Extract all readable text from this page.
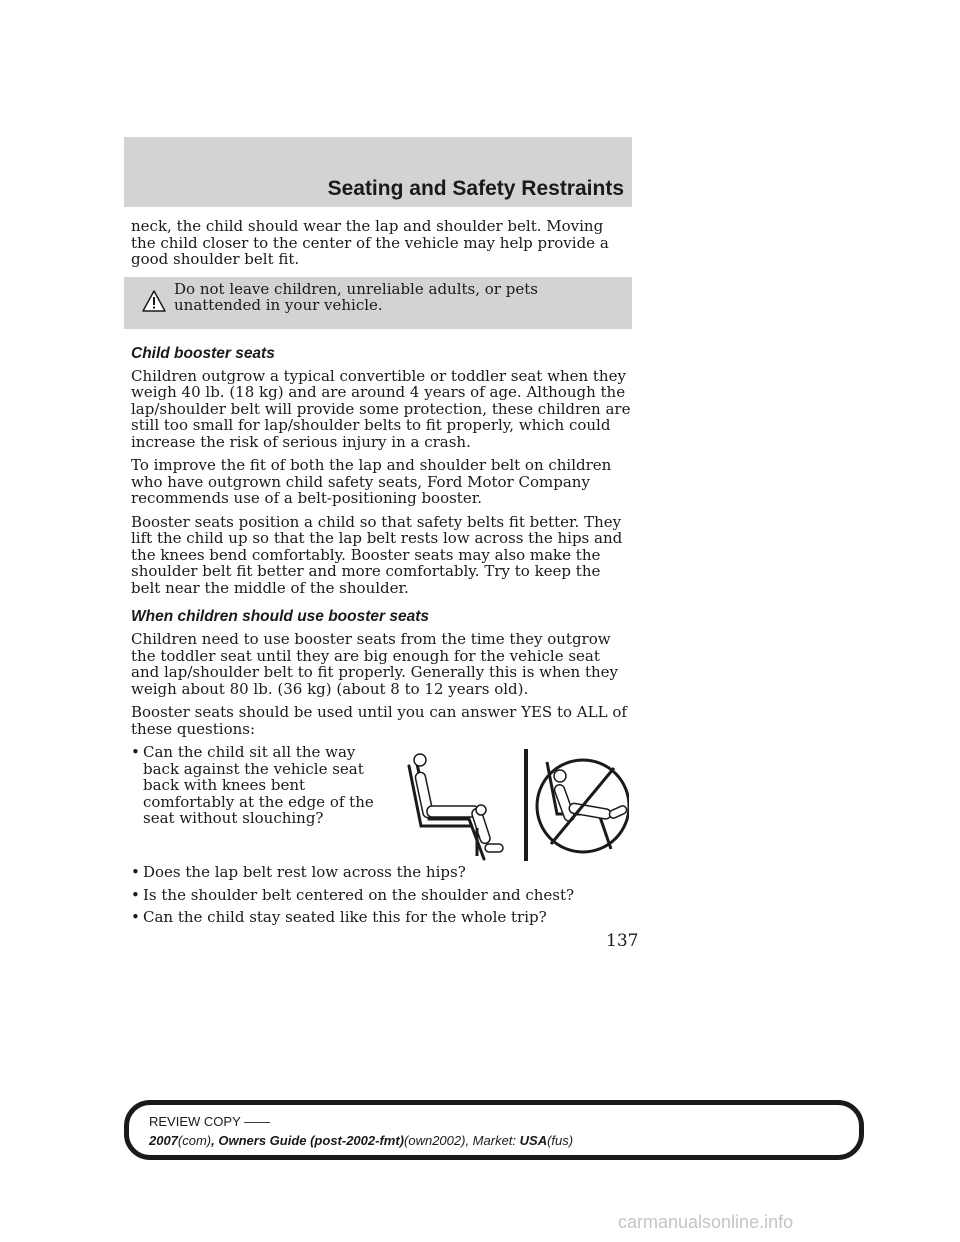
Seating and Safety Restraints

neck, the child should wear the lap and shoulder belt. Moving the child closer to the center of the vehicle may help provide a good shoulder belt fit.

Do not leave children, unreliable adults, or pets unattended in your vehicle.
Child booster seats

Children outgrow a typical convertible or toddler seat when they weigh 40 lb. (18 kg) and are around 4 years of age. Although the lap/shoulder belt will provide some protection, these children are still too small for lap/shoulder belts to fit properly, which could increase the risk of serious injury in a crash.

To improve the fit of both the lap and shoulder belt on children who have outgrown child safety seats, Ford Motor Company recommends use of a belt-positioning booster.

Booster seats position a child so that safety belts fit better. They lift the child up so that the lap belt rests low across the hips and the knees bend comfortably. Booster seats may also make the shoulder belt fit better and more comfortably. Try to keep the belt near the middle of the shoulder.

When children should use booster seats

Children need to use booster seats from the time they outgrow the toddler seat until they are big enough for the vehicle seat and lap/shoulder belt to fit properly. Generally this is when they weigh about 80 lb. (36 kg) (about 8 to 12 years old).

Booster seats should be used until you can answer YES to ALL of these questions:

• Can the child sit all the way back against the vehicle seat back with knees bent comfortably at the edge of the seat without slouching?
• Does the lap belt rest low across the hips?
• Is the shoulder belt centered on the shoulder and chest?
• Can the child stay seated like this for the whole trip?
137
REVIEW COPY ——
2007(com), Owners Guide (post-2002-fmt)(own2002), Market: USA(fus)
carmanualsonline.info
